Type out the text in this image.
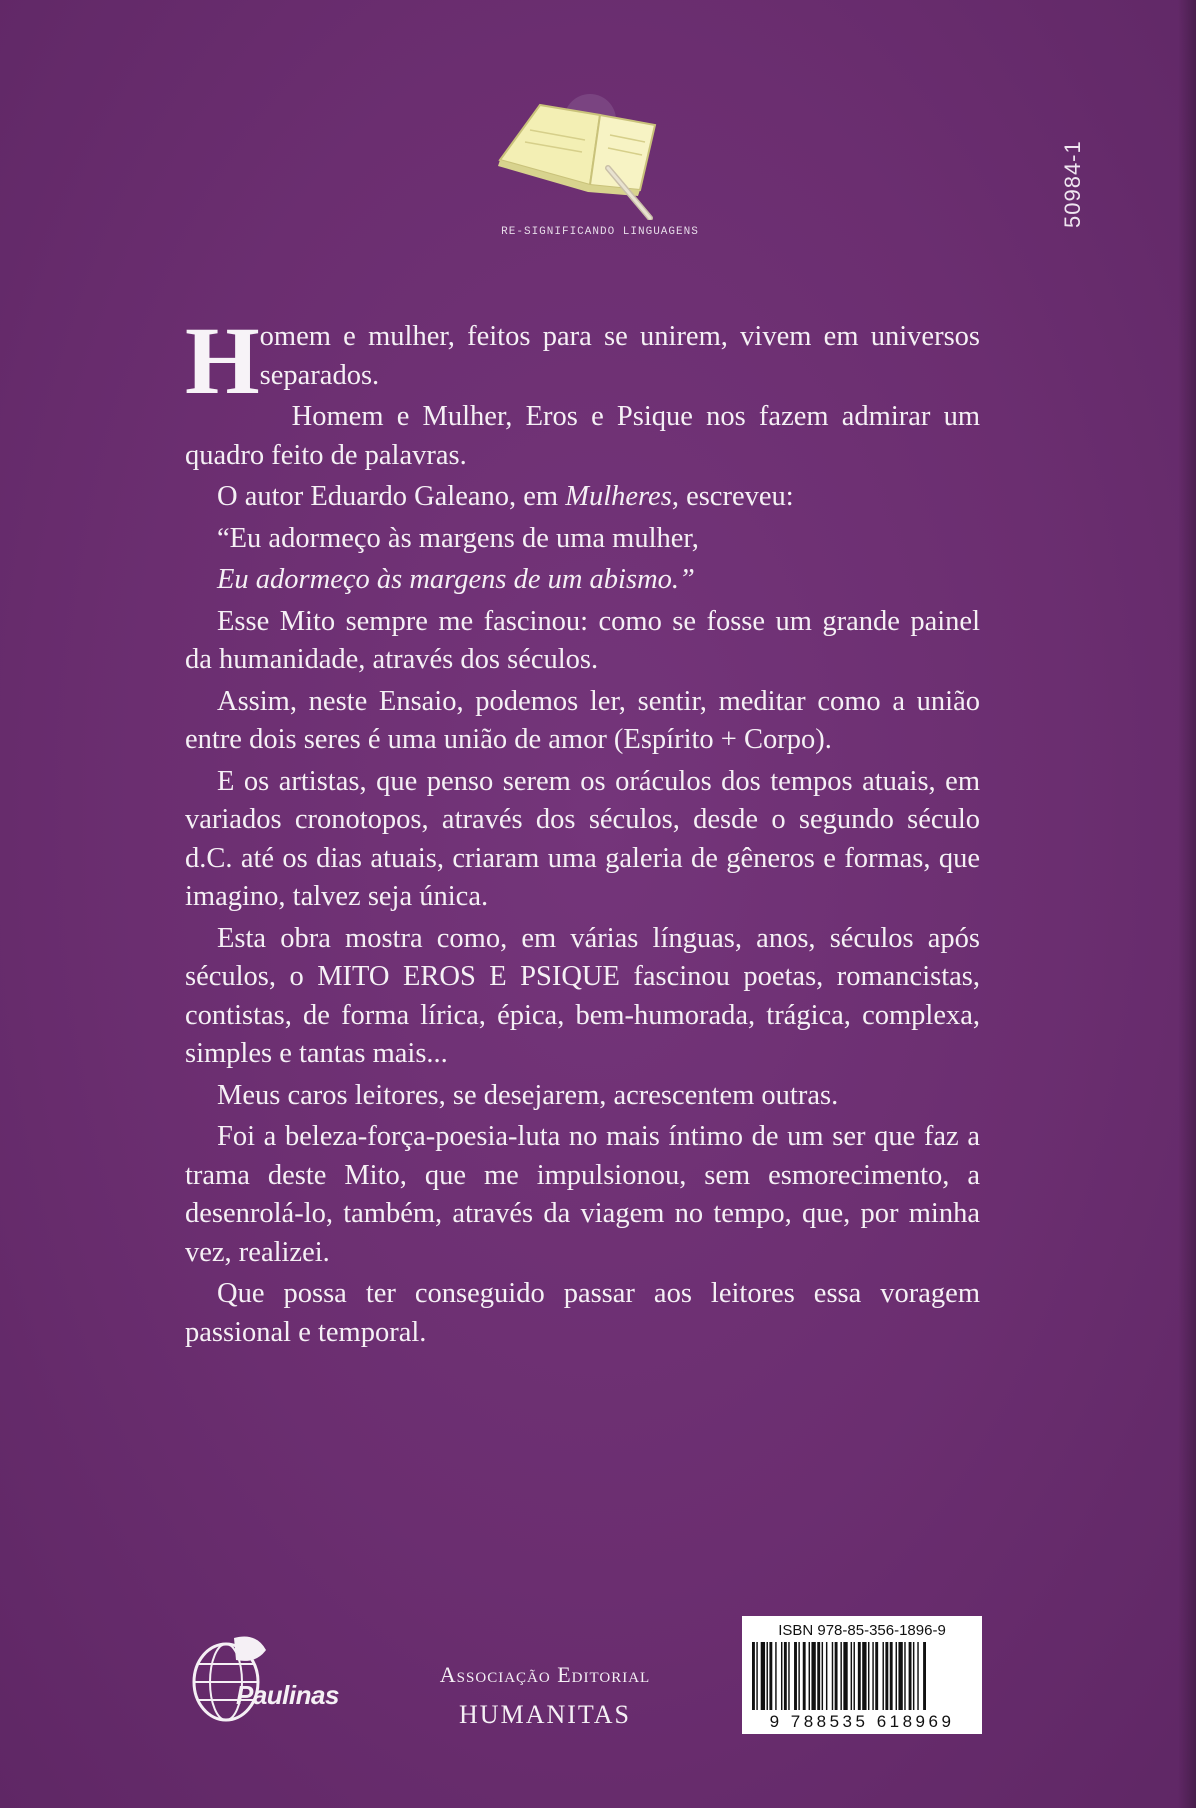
RE-SIGNIFICANDO LINGUAGENS
50984-1

Homem e mulher, feitos para se unirem, vivem em universos separados.

Homem e Mulher, Eros e Psique nos fazem admirar um quadro feito de palavras.

O autor Eduardo Galeano, em Mulheres, escreveu:

“Eu adormeço às margens de uma mulher,

Eu adormeço às margens de um abismo.”

Esse Mito sempre me fascinou: como se fosse um grande painel da humanidade, através dos séculos.

Assim, neste Ensaio, podemos ler, sentir, meditar como a união entre dois seres é uma união de amor (Espírito + Corpo).

E os artistas, que penso serem os oráculos dos tempos atuais, em variados cronotopos, através dos séculos, desde o segundo século d.C. até os dias atuais, criaram uma galeria de gêneros e formas, que imagino, talvez seja única.

Esta obra mostra como, em várias línguas, anos, séculos após séculos, o MITO EROS E PSIQUE fascinou poetas, romancistas, contistas, de forma lírica, épica, bem-humorada, trágica, complexa, simples e tantas mais...

Meus caros leitores, se desejarem, acrescentem outras.

Foi a beleza-força-poesia-luta no mais íntimo de um ser que faz a trama deste Mito, que me impulsionou, sem esmorecimento, a desenrolá-lo, também, através da viagem no tempo, que, por minha vez, realizei.

Que possa ter conseguido passar aos leitores essa voragem passional e temporal.

Paulinas
Associação Editorial
HUMANITAS
ISBN 978-85-356-1896-9
9 788535 618969
